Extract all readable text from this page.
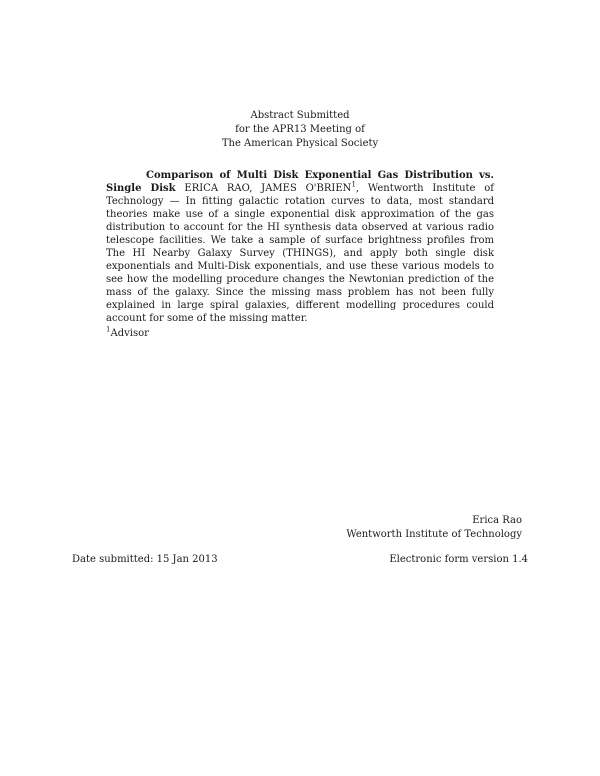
Abstract Submitted
for the APR13 Meeting of
The American Physical Society

Comparison of Multi Disk Exponential Gas Distribution vs. Single Disk ERICA RAO, JAMES O'BRIEN$^1$, Wentworth Institute of Technology — In fitting galactic rotation curves to data, most standard theories make use of a single exponential disk approximation of the gas distribution to account for the HI synthesis data observed at various radio telescope facilities. We take a sample of surface brightness profiles from The HI Nearby Galaxy Survey (THINGS), and apply both single disk exponentials and Multi-Disk exponentials, and use these various models to see how the modelling procedure changes the Newtonian prediction of the mass of the galaxy. Since the missing mass problem has not been fully explained in large spiral galaxies, different modelling procedures could account for some of the missing matter.

$^1$Advisor
Erica Rao
Wentworth Institute of Technology
Date submitted: 15 Jan 2013	Electronic form version 1.4
